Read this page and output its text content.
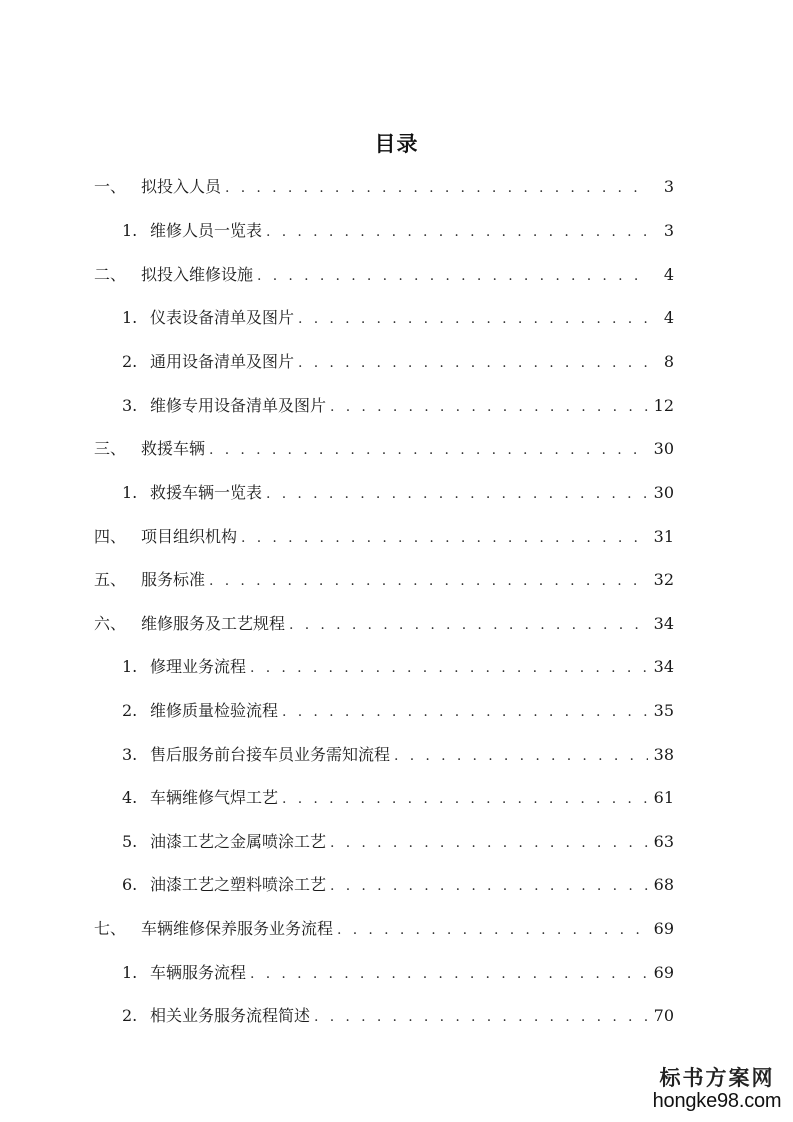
目录
一、 拟投入人员 . . .	3
1. 维修人员一览表 . . .	3
二、 拟投入维修设施 . . .	4
1. 仪表设备清单及图片 . . .	4
2. 通用设备清单及图片 . . .	8
3. 维修专用设备清单及图片 . . .	12
三、 救援车辆 . . .	30
1. 救援车辆一览表 . . .	30
四、 项目组织机构 . . .	31
五、 服务标准 . . .	32
六、 维修服务及工艺规程 . . .	34
1. 修理业务流程 . . .	34
2. 维修质量检验流程 . . .	35
3. 售后服务前台接车员业务需知流程 . . .	38
4. 车辆维修气焊工艺 . . .	61
5. 油漆工艺之金属喷涂工艺 . . .	63
6. 油漆工艺之塑料喷涂工艺 . . .	68
七、 车辆维修保养服务业务流程 . . .	69
1. 车辆服务流程 . . .	69
2. 相关业务服务流程简述 . . .	70
标书方案网
hongke98.com
